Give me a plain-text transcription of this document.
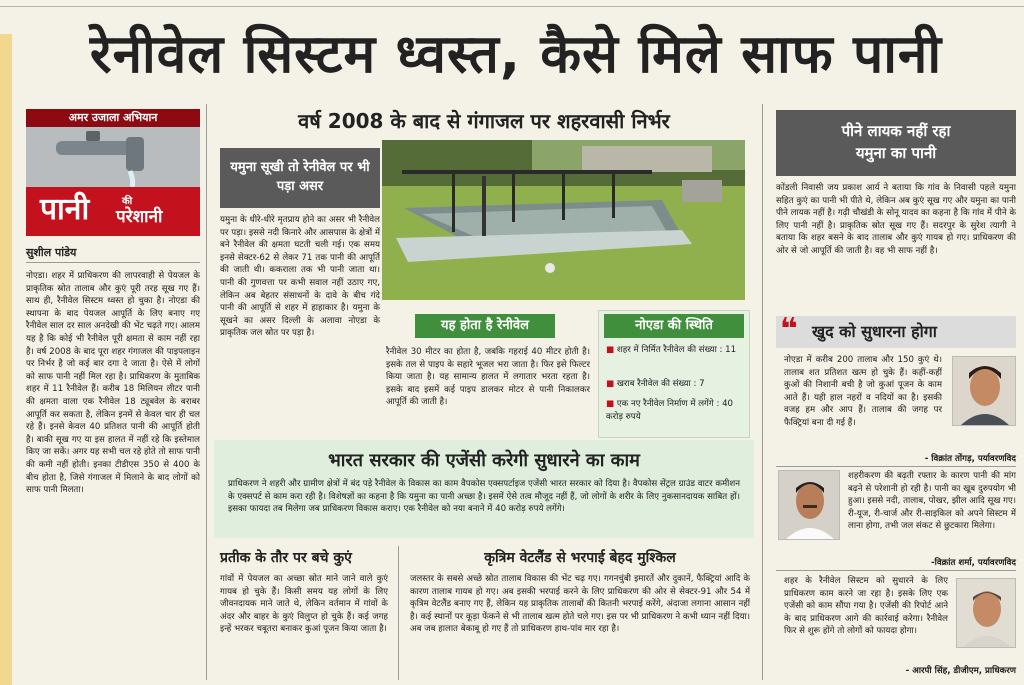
रेनीवेल सिस्टम ध्वस्त, कैसे मिले साफ पानी
अमर उजाला अभियान
पानी	की
परेशानी
सुशील पांडेय
नोएडा। शहर में प्राधिकरण की लापरवाही से पेयजल के प्राकृतिक स्रोत तालाब और कुएं पूरी तरह सूख गए हैं। साथ ही, रैनीवेल सिस्टम ध्वस्त हो चुका है। नोएडा की स्थापना के बाद पेयजल आपूर्ति के लिए बनाए गए रैनीवेल साल दर साल अनदेखी की भेंट चढ़ते गए। आलम यह है कि कोई भी रैनीवेल पूरी क्षमता से काम नहीं रहा है। वर्ष 2008 के बाद पूरा शहर गंगाजल की पाइपलाइन पर निर्भर है जो कई बार दगा दे जाता है। ऐसे में लोगों को साफ पानी नहीं मिल रहा है। प्राधिकरण के मुताबिक शहर में 11 रैनीवेल हैं। करीब 18 मिलियन लीटर पानी की क्षमता वाला एक रैनीवेल 18 ट्यूबवेल के बराबर आपूर्ति कर सकता है, लेकिन इनमें से केवल चार ही चल रहे हैं। इनसे केवल 40 प्रतिशत पानी की आपूर्ति होती है। बाकी सूख गए या इस हालत में नहीं रहे कि इस्तेमाल किए जा सकें। अगर यह सभी चल रहे होते तो साफ पानी की कमी नहीं होती। इनका टीडीएस 350 से 400 के बीच होता है, जिसे गंगाजल में मिलाने के बाद लोगों को साफ पानी मिलता।
वर्ष 2008 के बाद से गंगाजल पर शहरवासी निर्भर
यमुना सूखी तो रेनीवेल पर भी पड़ा असर
यमुना के धीरे-धीरे मृतप्राय होने का असर भी रैनीवेल पर पड़ा। इससे नदी किनारे और आसपास के क्षेत्रों में बने रैनीवेल की क्षमता घटती चली गई। एक समय इनसे सेक्टर-62 से लेकर 71 तक पानी की आपूर्ति की जाती थी। ककराला तक भी पानी जाता था। पानी की गुणवत्ता पर कभी सवाल नहीं उठाए गए, लेकिन अब बेहतर संसाधनों के दावे के बीच गंदे पानी की आपूर्ति से शहर में हाहाकार है। यमुना के सूखने का असर दिल्ली के अलावा नोएडा के प्राकृतिक जल स्रोत पर पड़ा है।
यह होता है रेनीवेल
रैनीवेल 30 मीटर का होता है, जबकि गहराई 40 मीटर होती है। इसके तल से पाइप के सहारे भूजल भरा जाता है। फिर इसे फिल्टर किया जाता है। यह सामान्य हालत में लगातार भरता रहता है। इसके बाद इसमें कई पाइप डालकर मोटर से पानी निकालकर आपूर्ति की जाती है।
नोएडा की स्थिति
■ शहर में निर्मित रैनीवेल की संख्या : 11
■ खराब रैनीवेल की संख्या : 7
■ एक नए रैनीवेल निर्माण में लगेंगे : 40 करोड़ रुपये
भारत सरकार की एजेंसी करेगी सुधारने का काम
प्राधिकरण ने शहरी और ग्रामीण क्षेत्रों में बंद पड़े रैनीवेल के विकास का काम वैपकोस एक्सपर्टाइज एजेंसी भारत सरकार को दिया है। वैपकोस सेंट्रल ग्राउंड वाटर कमीशन के एक्सपर्ट से काम करा रही है। विशेषज्ञों का कहना है कि यमुना का पानी अच्छा है। इसमें ऐसे तत्व मौजूद नहीं हैं, जो लोगों के शरीर के लिए नुकसानदायक साबित हों। इसका फायदा तब मिलेगा जब प्राधिकरण विकास कराए। एक रैनीवेल को नया बनाने में 40 करोड़ रुपये लगेंगे।
प्रतीक के तौर पर बचे कुएं
गांवों में पेयजल का अच्छा स्रोत माने जाने वाले कुएं गायब हो चुके हैं। किसी समय यह लोगों के लिए जीवनदायक माने जाते थे, लेकिन वर्तमान में गांवों के अंदर और बाहर के कुएं विलुप्त हो चुके हैं। कई जगह इन्हें भरकर चबूतरा बनाकर कुआं पूजन किया जाता है।
कृत्रिम वेटलैंड से भरपाई बेहद मुश्किल
जलस्तर के सबसे अच्छे स्रोत तालाब विकास की भेंट चढ़ गए। गगनचुंबी इमारतें और दुकानें, फैक्ट्रियां आदि के कारण तालाब गायब हो गए। अब इसकी भरपाई करने के लिए प्राधिकरण की ओर से सेक्टर-91 और 54 में कृत्रिम वेटलैंड बनाए गए हैं, लेकिन यह प्राकृतिक तालाबों की कितनी भरपाई करेंगे, अंदाजा लगाना आसान नहीं है। कई स्थानों पर कूड़ा फेंकने से भी तालाब खत्म होते चले गए। इस पर भी प्राधिकरण ने कभी ध्यान नहीं दिया। अब जब हालात बेकाबू हो गए हैं तो प्राधिकरण हाथ-पांव मार रहा है।
पीने लायक नहीं रहा
यमुना का पानी
कोंडली निवासी जय प्रकाश आर्य ने बताया कि गांव के निवासी पहले यमुना सहित कुएं का पानी भी पीते थे, लेकिन अब कुएं सूख गए और यमुना का पानी पीने लायक नहीं है। गढ़ी चौखंडी के सोनू यादव का कहना है कि गांव में पीने के लिए पानी नहीं है। प्राकृतिक स्रोत सूख गए हैं। सदरपुर के सुरेश त्यागी ने बताया कि शहर बसने के बाद तालाब और कुएं गायब हो गए। प्राधिकरण की ओर से जो आपूर्ति की जाती है। वह भी साफ नहीं है।
❝ खुद को सुधारना होगा
नोएडा में करीब 200 तालाब और 150 कुएं थे। तालाब शत प्रतिशत खत्म हो चुके हैं। कहीं-कहीं कुओं की निशानी बची है जो कुआं पूजन के काम आते हैं। यही हाल नहरों व नदियों का है। इसकी वजह हम और आप हैं। तालाब की जगह पर फैक्ट्रियां बना दी गई हैं।
- विक्रांत तोंगड़, पर्यावरणविद
शहरीकरण की बढ़ती रफ्तार के कारण पानी की मांग बढ़ने से परेशानी हो रही है। पानी का खूब दुरुपयोग भी हुआ। इससे नदी, तालाब, पोखर, झील आदि सूख गए। री-यूज, री-चार्ज और री-साइकिल को अपने सिस्टम में लाना होगा, तभी जल संकट से छुटकारा मिलेगा।
-विक्रांत शर्मा, पर्यावरणविद
शहर के रैनीवेल सिस्टम को सुधारने के लिए प्राधिकरण काम करने जा रहा है। इसके लिए एक एजेंसी को काम सौंपा गया है। एजेंसी की रिपोर्ट आने के बाद प्राधिकरण आगे की कार्रवाई करेगा। रैनीवेल फिर से शुरू होंगे तो लोगों को फायदा होगा।
- आरपी सिंह, डीजीएम, प्राधिकरण
